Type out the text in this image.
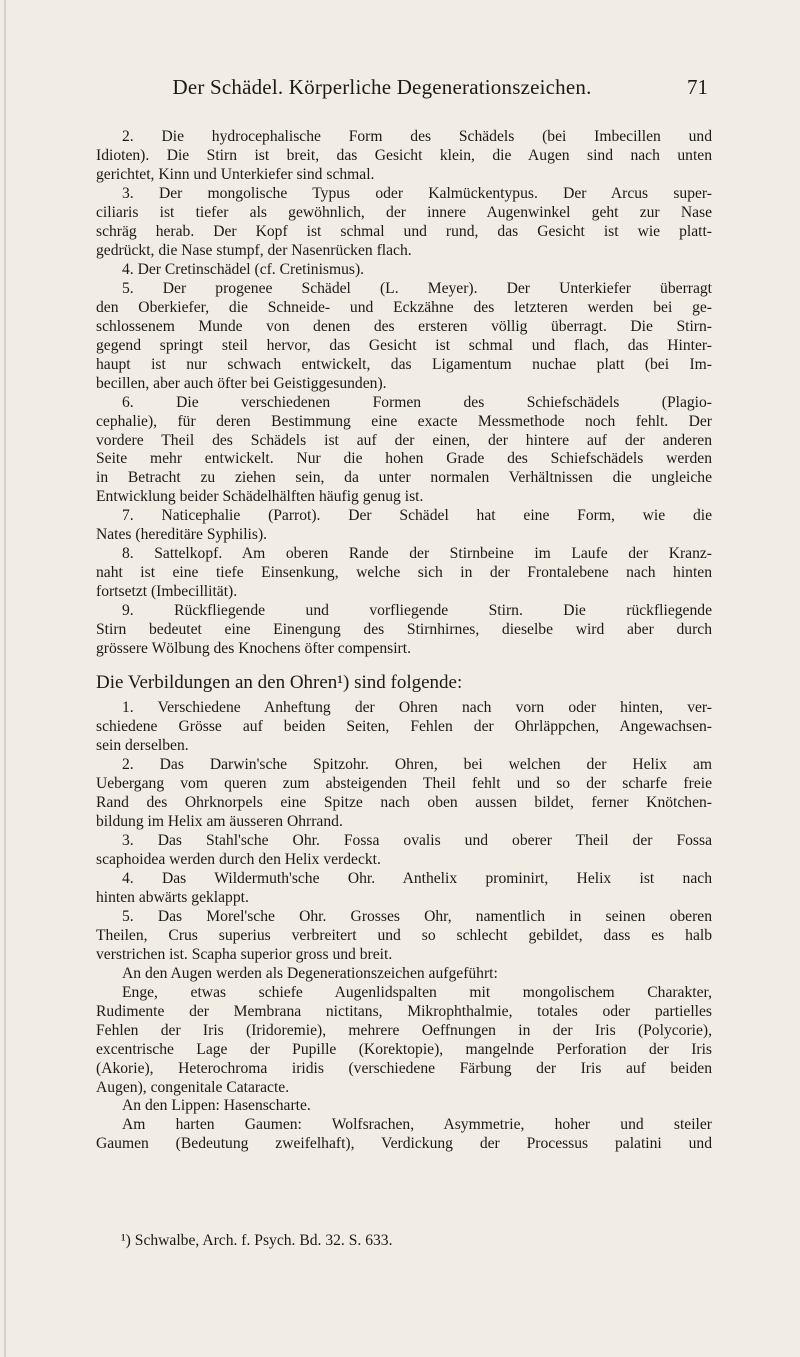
Der Schädel. Körperliche Degenerationszeichen.	71
2. Die hydrocephalische Form des Schädels (bei Imbecillen und
Idioten). Die Stirn ist breit, das Gesicht klein, die Augen sind nach unten
gerichtet, Kinn und Unterkiefer sind schmal.
3. Der mongolische Typus oder Kalmückentypus. Der Arcus super-
ciliaris ist tiefer als gewöhnlich, der innere Augenwinkel geht zur Nase
schräg herab. Der Kopf ist schmal und rund, das Gesicht ist wie platt-
gedrückt, die Nase stumpf, der Nasenrücken flach.
4. Der Cretinschädel (cf. Cretinismus).
5. Der progenee Schädel (L. Meyer). Der Unterkiefer überragt
den Oberkiefer, die Schneide- und Eckzähne des letzteren werden bei ge-
schlossenem Munde von denen des ersteren völlig überragt. Die Stirn-
gegend springt steil hervor, das Gesicht ist schmal und flach, das Hinter-
haupt ist nur schwach entwickelt, das Ligamentum nuchae platt (bei Im-
becillen, aber auch öfter bei Geistiggesunden).
6. Die verschiedenen Formen des Schiefschädels (Plagio-
cephalie), für deren Bestimmung eine exacte Messmethode noch fehlt. Der
vordere Theil des Schädels ist auf der einen, der hintere auf der anderen
Seite mehr entwickelt. Nur die hohen Grade des Schiefschädels werden
in Betracht zu ziehen sein, da unter normalen Verhältnissen die ungleiche
Entwicklung beider Schädelhälften häufig genug ist.
7. Naticephalie (Parrot). Der Schädel hat eine Form, wie die
Nates (hereditäre Syphilis).
8. Sattelkopf. Am oberen Rande der Stirnbeine im Laufe der Kranz-
naht ist eine tiefe Einsenkung, welche sich in der Frontalebene nach hinten
fortsetzt (Imbecillität).
9. Rückfliegende und vorfliegende Stirn. Die rückfliegende
Stirn bedeutet eine Einengung des Stirnhirnes, dieselbe wird aber durch
grössere Wölbung des Knochens öfter compensirt.
Die Verbildungen an den Ohren¹) sind folgende:
1. Verschiedene Anheftung der Ohren nach vorn oder hinten, ver-
schiedene Grösse auf beiden Seiten, Fehlen der Ohrläppchen, Angewachsen-
sein derselben.
2. Das Darwin'sche Spitzohr. Ohren, bei welchen der Helix am
Uebergang vom queren zum absteigenden Theil fehlt und so der scharfe freie
Rand des Ohrknorpels eine Spitze nach oben aussen bildet, ferner Knötchen-
bildung im Helix am äusseren Ohrrand.
3. Das Stahl'sche Ohr. Fossa ovalis und oberer Theil der Fossa
scaphoidea werden durch den Helix verdeckt.
4. Das Wildermuth'sche Ohr. Anthelix prominirt, Helix ist nach
hinten abwärts geklappt.
5. Das Morel'sche Ohr. Grosses Ohr, namentlich in seinen oberen
Theilen, Crus superius verbreitert und so schlecht gebildet, dass es halb
verstrichen ist. Scapha superior gross und breit.
An den Augen werden als Degenerationszeichen aufgeführt:
Enge, etwas schiefe Augenlidspalten mit mongolischem Charakter,
Rudimente der Membrana nictitans, Mikrophthalmie, totales oder partielles
Fehlen der Iris (Iridoremie), mehrere Oeffnungen in der Iris (Polycorie),
excentrische Lage der Pupille (Korektopie), mangelnde Perforation der Iris
(Akorie), Heterochroma iridis (verschiedene Färbung der Iris auf beiden
Augen), congenitale Cataracte.
An den Lippen: Hasenscharte.
Am harten Gaumen: Wolfsrachen, Asymmetrie, hoher und steiler
Gaumen (Bedeutung zweifelhaft), Verdickung der Processus palatini und
¹) Schwalbe, Arch. f. Psych. Bd. 32. S. 633.
